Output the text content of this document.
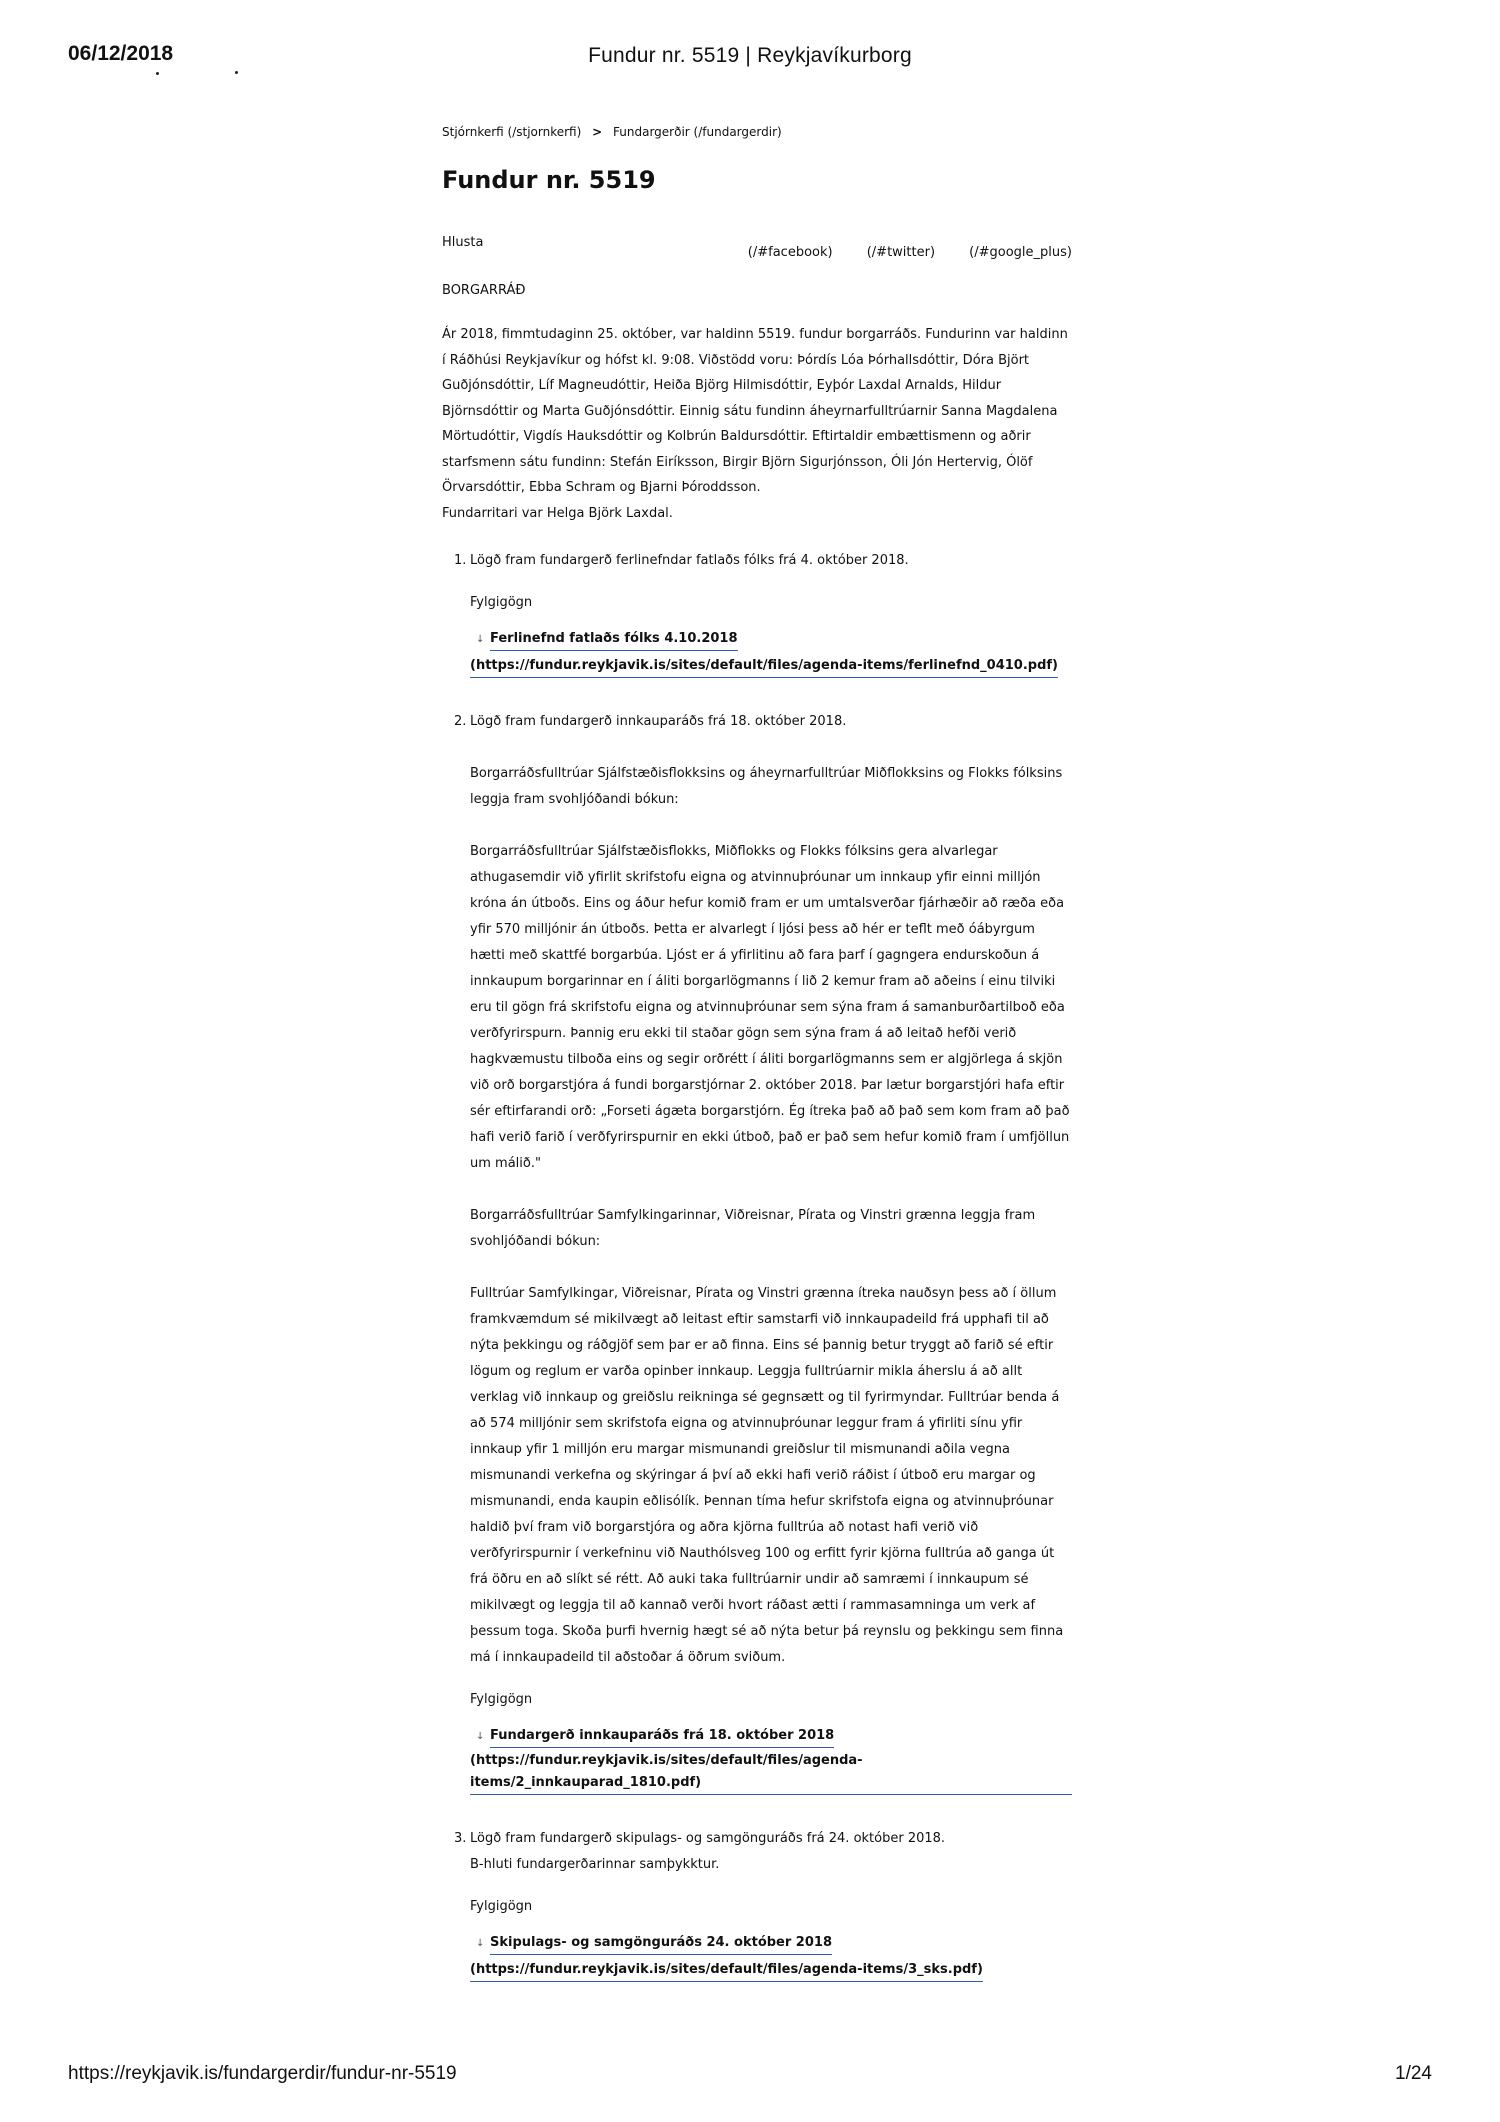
06/12/2018	Fundur nr. 5519 | Reykjavíkurborg
Stjórnkerfi (/stjornkerfi) > Fundargerðir (/fundargerdir)
Fundur nr. 5519
Hlusta
(/#facebook)	(/#twitter)	(/#google_plus)
BORGARRÁÐ
Ár 2018, fimmtudaginn 25. október, var haldinn 5519. fundur borgarráðs. Fundurinn var haldinn í Ráðhúsi Reykjavíkur og hófst kl. 9:08. Viðstödd voru: Þórdís Lóa Þórhallsdóttir, Dóra Björt Guðjónsdóttir, Líf Magneudóttir, Heiða Björg Hilmisdóttir, Eyþór Laxdal Arnalds, Hildur Björnsdóttir og Marta Guðjónsdóttir. Einnig sátu fundinn áheyrnarfulltrúarnir Sanna Magdalena Mörtudóttir, Vigdís Hauksdóttir og Kolbrún Baldursdóttir. Eftirtaldir embættismenn og aðrir starfsmenn sátu fundinn: Stefán Eiríksson, Birgir Björn Sigurjónsson, Óli Jón Hertervig, Ólöf Örvarsdóttir, Ebba Schram og Bjarni Þóroddsson.
Fundarritari var Helga Björk Laxdal.
1. Lögð fram fundargerð ferlinefndar fatlaðs fólks frá 4. október 2018.
Fylgigögn
↓ Ferlinefnd fatlaðs fólks 4.10.2018
(https://fundur.reykjavik.is/sites/default/files/agenda-items/ferlinefnd_0410.pdf)
2. Lögð fram fundargerð innkauparáðs frá 18. október 2018.
Borgarráðsfulltrúar Sjálfstæðisflokksins og áheyrnarfulltrúar Miðflokksins og Flokks fólksins leggja fram svohljóðandi bókun:
Borgarráðsfulltrúar Sjálfstæðisflokks, Miðflokks og Flokks fólksins gera alvarlegar athugasemdir við yfirlit skrifstofu eigna og atvinnuþróunar um innkaup yfir einni milljón króna án útboðs. Eins og áður hefur komið fram er um umtalsverðar fjárhæðir að ræða eða yfir 570 milljónir án útboðs. Þetta er alvarlegt í ljósi þess að hér er teflt með óábyrgum hætti með skattfé borgarbúa. Ljóst er á yfirlitinu að fara þarf í gagngera endurskoðun á innkaupum borgarinnar en í áliti borgarlögmanns í lið 2 kemur fram að aðeins í einu tilviki eru til gögn frá skrifstofu eigna og atvinnuþróunar sem sýna fram á samanburðartilboð eða verðfyrirspurn. Þannig eru ekki til staðar gögn sem sýna fram á að leitað hefði verið hagkvæmustu tilboða eins og segir orðrétt í áliti borgarlögmanns sem er algjörlega á skjön við orð borgarstjóra á fundi borgarstjórnar 2. október 2018. Þar lætur borgarstjóri hafa eftir sér eftirfarandi orð: „Forseti ágæta borgarstjórn. Ég ítreka það að það sem kom fram að það hafi verið farið í verðfyrirspurnir en ekki útboð, það er það sem hefur komið fram í umfjöllun um málið."
Borgarráðsfulltrúar Samfylkingarinnar, Viðreisnar, Pírata og Vinstri grænna leggja fram svohljóðandi bókun:
Fulltrúar Samfylkingar, Viðreisnar, Pírata og Vinstri grænna ítreka nauðsyn þess að í öllum framkvæmdum sé mikilvægt að leitast eftir samstarfi við innkaupadeild frá upphafi til að nýta þekkingu og ráðgjöf sem þar er að finna. Eins sé þannig betur tryggt að farið sé eftir lögum og reglum er varða opinber innkaup. Leggja fulltrúarnir mikla áherslu á að allt verklag við innkaup og greiðslu reikninga sé gegnsætt og til fyrirmyndar. Fulltrúar benda á að 574 milljónir sem skrifstofa eigna og atvinnuþróunar leggur fram á yfirliti sínu yfir innkaup yfir 1 milljón eru margar mismunandi greiðslur til mismunandi aðila vegna mismunandi verkefna og skýringar á því að ekki hafi verið ráðist í útboð eru margar og mismunandi, enda kaupin eðlisólík. Þennan tíma hefur skrifstofa eigna og atvinnuþróunar haldið því fram við borgarstjóra og aðra kjörna fulltrúa að notast hafi verið við verðfyrirspurnir í verkefninu við Nauthólsveg 100 og erfitt fyrir kjörna fulltrúa að ganga út frá öðru en að slíkt sé rétt. Að auki taka fulltrúarnir undir að samræmi í innkaupum sé mikilvægt og leggja til að kannað verði hvort ráðast ætti í rammasamninga um verk af þessum toga. Skoða þurfi hvernig hægt sé að nýta betur þá reynslu og þekkingu sem finna má í innkaupadeild til aðstoðar á öðrum sviðum.
Fylgigögn
↓ Fundargerð innkauparáðs frá 18. október 2018
(https://fundur.reykjavik.is/sites/default/files/agenda-items/2_innkauparad_1810.pdf)
3. Lögð fram fundargerð skipulags- og samgönguráðs frá 24. október 2018.
B-hluti fundargerðarinnar samþykktur.
Fylgigögn
↓ Skipulags- og samgönguráðs 24. október 2018
(https://fundur.reykjavik.is/sites/default/files/agenda-items/3_sks.pdf)
https://reykjavik.is/fundargerdir/fundur-nr-5519	1/24
